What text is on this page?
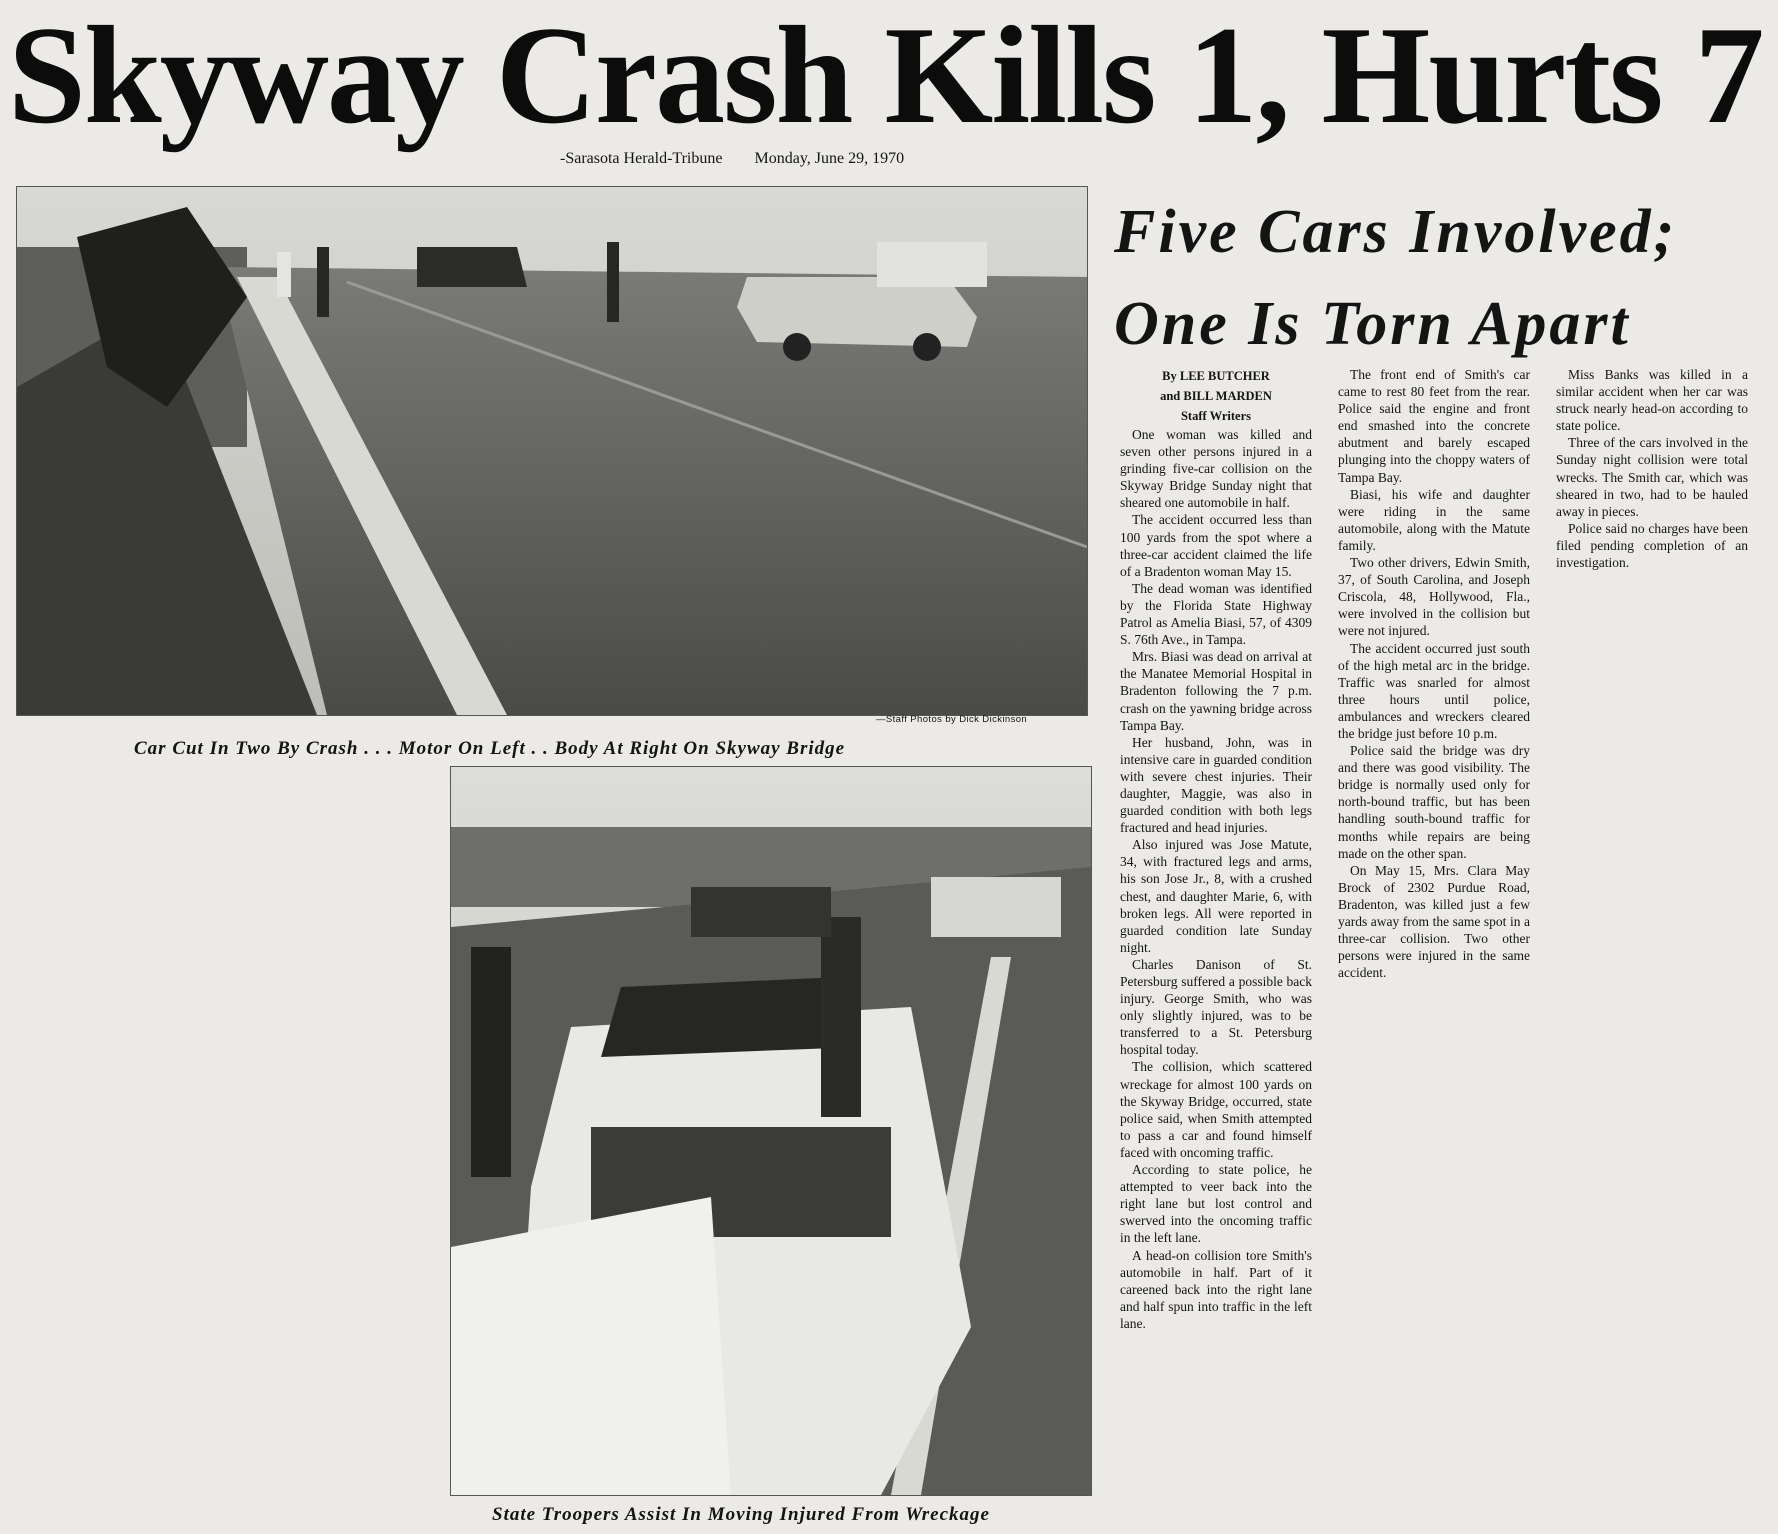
Skyway Crash Kills 1, Hurts 7
-Sarasota Herald-Tribune Monday, June 29, 1970
—Staff Photos by Dick Dickinson
Car Cut In Two By Crash . . . Motor On Left . . Body At Right On Skyway Bridge
State Troopers Assist In Moving Injured From Wreckage
Five Cars Involved;
One Is Torn Apart
By LEE BUTCHER
and BILL MARDEN
Staff Writers

One woman was killed and seven other persons injured in a grinding five-car collision on the Skyway Bridge Sunday night that sheared one automobile in half.

The accident occurred less than 100 yards from the spot where a three-car accident claimed the life of a Bradenton woman May 15.

The dead woman was identified by the Florida State Highway Patrol as Amelia Biasi, 57, of 4309 S. 76th Ave., in Tampa.

Mrs. Biasi was dead on arrival at the Manatee Memorial Hospital in Bradenton following the 7 p.m. crash on the yawning bridge across Tampa Bay.

Her husband, John, was in intensive care in guarded condition with severe chest injuries. Their daughter, Maggie, was also in guarded condition with both legs fractured and head injuries.

Also injured was Jose Matute, 34, with fractured legs and arms, his son Jose Jr., 8, with a crushed chest, and daughter Marie, 6, with broken legs. All were reported in guarded condition late Sunday night.

Charles Danison of St. Petersburg suffered a possible back injury. George Smith, who was only slightly injured, was to be transferred to a St. Petersburg hospital today.

The collision, which scattered wreckage for almost 100 yards on the Skyway Bridge, occurred, state police said, when Smith attempted to pass a car and found himself faced with oncoming traffic.

According to state police, he attempted to veer back into the right lane but lost control and swerved into the oncoming traffic in the left lane.

A head-on collision tore Smith's automobile in half. Part of it careened back into the right lane and half spun into traffic in the left lane.

The front end of Smith's car came to rest 80 feet from the rear. Police said the engine and front end smashed into the concrete abutment and barely escaped plunging into the choppy waters of Tampa Bay.

Biasi, his wife and daughter were riding in the same automobile, along with the Matute family.

Two other drivers, Edwin Smith, 37, of South Carolina, and Joseph Criscola, 48, Hollywood, Fla., were involved in the collision but were not injured.

The accident occurred just south of the high metal arc in the bridge. Traffic was snarled for almost three hours until police, ambulances and wreckers cleared the bridge just before 10 p.m.

Police said the bridge was dry and there was good visibility. The bridge is normally used only for north-bound traffic, but has been handling south-bound traffic for months while repairs are being made on the other span.

On May 15, Mrs. Clara May Brock of 2302 Purdue Road, Bradenton, was killed just a few yards away from the same spot in a three-car collision. Two other persons were injured in the same accident.

Miss Banks was killed in a similar accident when her car was struck nearly head-on according to state police.

Three of the cars involved in the Sunday night collision were total wrecks. The Smith car, which was sheared in two, had to be hauled away in pieces.

Police said no charges have been filed pending completion of an investigation.
